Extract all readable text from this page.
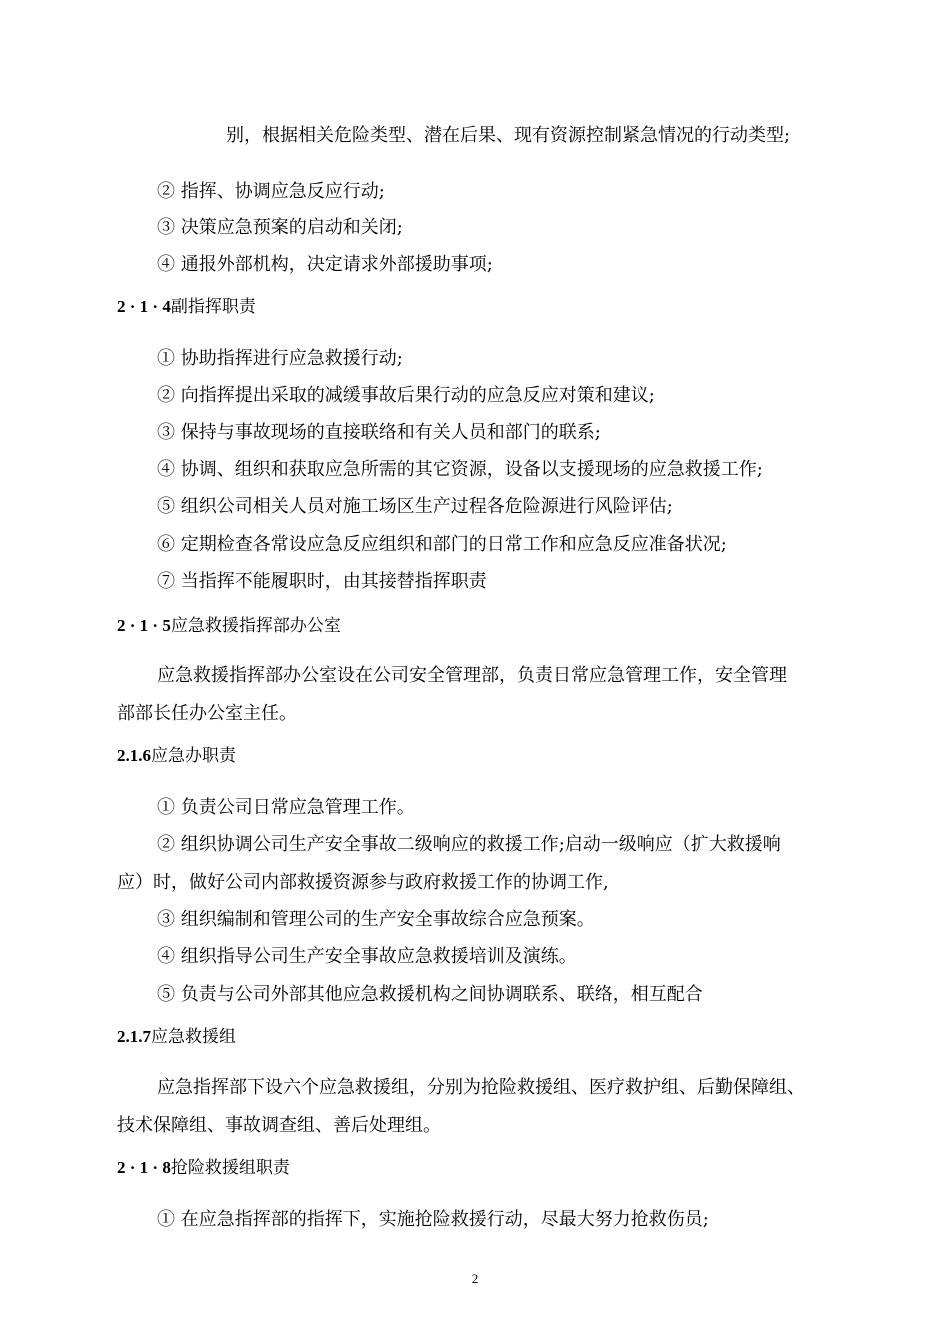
别，根据相关危险类型、潜在后果、现有资源控制紧急情况的行动类型;
② 指挥、协调应急反应行动;
③ 决策应急预案的启动和关闭;
④ 通报外部机构，决定请求外部援助事项;
2 · 1 · 4副指挥职责
① 协助指挥进行应急救援行动;
② 向指挥提出采取的减缓事故后果行动的应急反应对策和建议;
③ 保持与事故现场的直接联络和有关人员和部门的联系;
④ 协调、组织和获取应急所需的其它资源，设备以支援现场的应急救援工作;
⑤ 组织公司相关人员对施工场区生产过程各危险源进行风险评估;
⑥ 定期检查各常设应急反应组织和部门的日常工作和应急反应准备状况;
⑦ 当指挥不能履职时，由其接替指挥职责
2 · 1 · 5应急救援指挥部办公室
应急救援指挥部办公室设在公司安全管理部，负责日常应急管理工作，安全管理
部部长任办公室主任。
2.1.6应急办职责
① 负责公司日常应急管理工作。
② 组织协调公司生产安全事故二级响应的救援工作;启动一级响应（扩大救援响
应）时，做好公司内部救援资源参与政府救援工作的协调工作,
③ 组织编制和管理公司的生产安全事故综合应急预案。
④ 组织指导公司生产安全事故应急救援培训及演练。
⑤ 负责与公司外部其他应急救援机构之间协调联系、联络，相互配合
2.1.7应急救援组
应急指挥部下设六个应急救援组，分别为抢险救援组、医疗救护组、后勤保障组、
技术保障组、事故调查组、善后处理组。
2 · 1 · 8抢险救援组职责
① 在应急指挥部的指挥下，实施抢险救援行动，尽最大努力抢救伤员;
2
